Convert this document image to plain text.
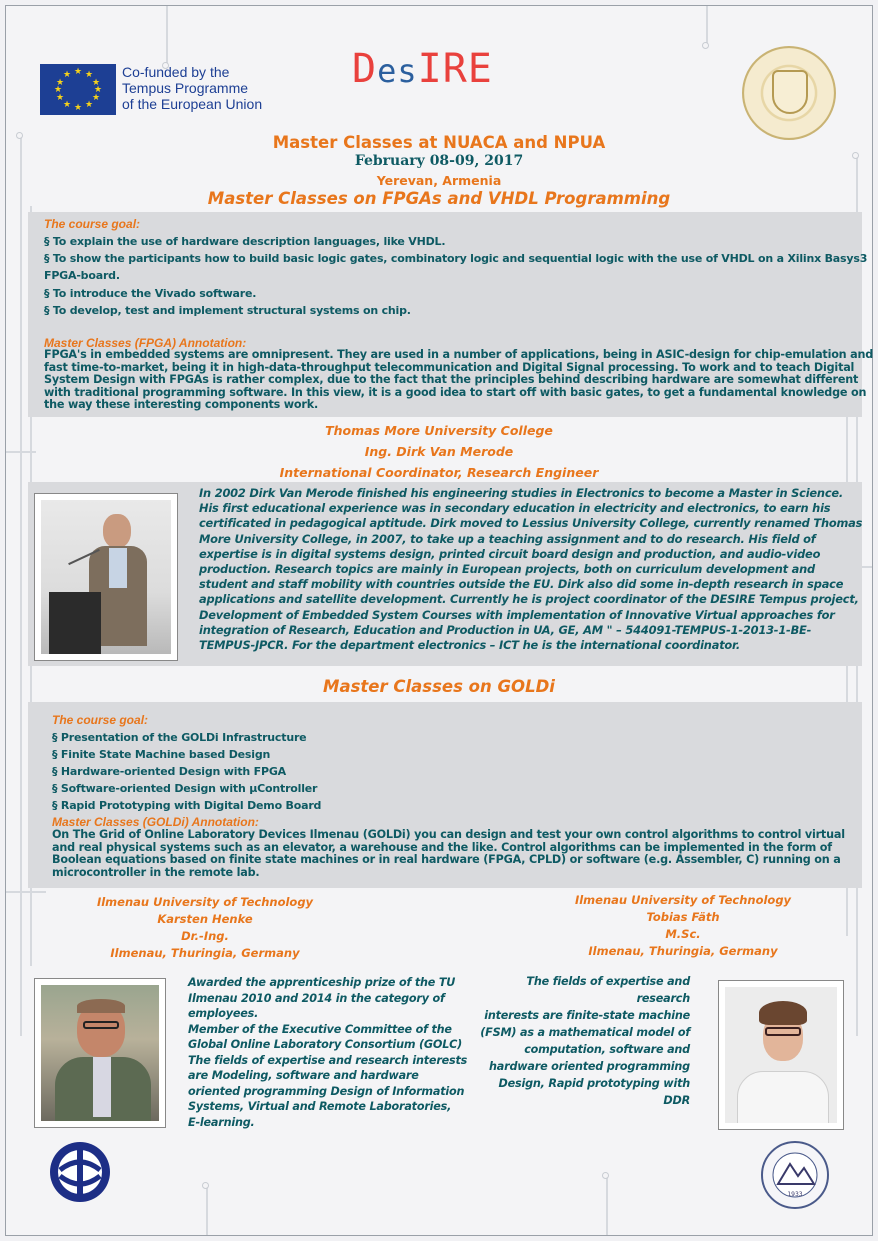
★ ★
★
★
★
★
★
★
★
★
★
★	Co-funded by the
Tempus Programme
of the European Union
DesIRE
Master Classes at NUACA and NPUA
February 08-09, 2017
Yerevan, Armenia
Master Classes on FPGAs and VHDL Programming
The course goal:
§ To explain the use of hardware description languages, like VHDL.
§ To show the participants how to build basic logic gates, combinatory logic and sequential logic with the use of VHDL on a Xilinx Basys3
FPGA-board.
§ To introduce the Vivado software.
§ To develop, test and implement structural systems on chip.
Master Classes (FPGA) Annotation:
FPGA's in embedded systems are omnipresent. They are used in a number of applications, being in ASIC-design for chip-emulation and
fast time-to-market, being it in high-data-throughput telecommunication and Digital Signal processing. To work and to teach Digital
System Design with FPGAs is rather complex, due to the fact that the principles behind describing hardware are somewhat different
with traditional programming software. In this view, it is a good idea to start off with basic gates, to get a fundamental knowledge on
the way these interesting components work.
Thomas More University College
Ing. Dirk Van Merode
International Coordinator, Research Engineer
In 2002 Dirk Van Merode finished his engineering studies in Electronics to become a Master in Science.
His first educational experience was in secondary education in electricity and electronics, to earn his
certificated in pedagogical aptitude. Dirk moved to Lessius University College, currently renamed Thomas
More University College, in 2007, to take up a teaching assignment and to do research. His field of
expertise is in digital systems design, printed circuit board design and production, and audio-video
production. Research topics are mainly in European projects, both on curriculum development and
student and staff mobility with countries outside the EU. Dirk also did some in-depth research in space
applications and satellite development. Currently he is project coordinator of the DESIRE Tempus project,
Development of Embedded System Courses with implementation of Innovative Virtual approaches for
integration of Research, Education and Production in UA, GE, AM " – 544091-TEMPUS-1-2013-1-BE-
TEMPUS-JPCR. For the department electronics – ICT he is the international coordinator.
Master Classes on GOLDi
The course goal:
§ Presentation of the GOLDi Infrastructure
§ Finite State Machine based Design
§ Hardware-oriented Design with FPGA
§ Software-oriented Design with µController
§ Rapid Prototyping with Digital Demo Board
Master Classes (GOLDi) Annotation:
On The Grid of Online Laboratory Devices Ilmenau (GOLDi) you can design and test your own control algorithms to control virtual
and real physical systems such as an elevator, a warehouse and the like. Control algorithms can be implemented in the form of
Boolean equations based on finite state machines or in real hardware (FPGA, CPLD) or software (e.g. Assembler, C) running on a
microcontroller in the remote lab.
Ilmenau University of Technology
Karsten Henke
Dr.-Ing.
Ilmenau, Thuringia, Germany
Ilmenau University of Technology
Tobias Fäth
M.Sc.
Ilmenau, Thuringia, Germany
Awarded the apprenticeship prize of the TU
Ilmenau 2010 and 2014 in the category of
employees.
Member of the Executive Committee of the
Global Online Laboratory Consortium (GOLC)
The fields of expertise and research interests
are Modeling, software and hardware
oriented programming Design of Information
Systems, Virtual and Remote Laboratories,
E-learning.
The fields of expertise and research
interests are finite-state machine
(FSM) as a mathematical model of
computation, software and
hardware oriented programming
Design, Rapid prototyping with DDR
1933
